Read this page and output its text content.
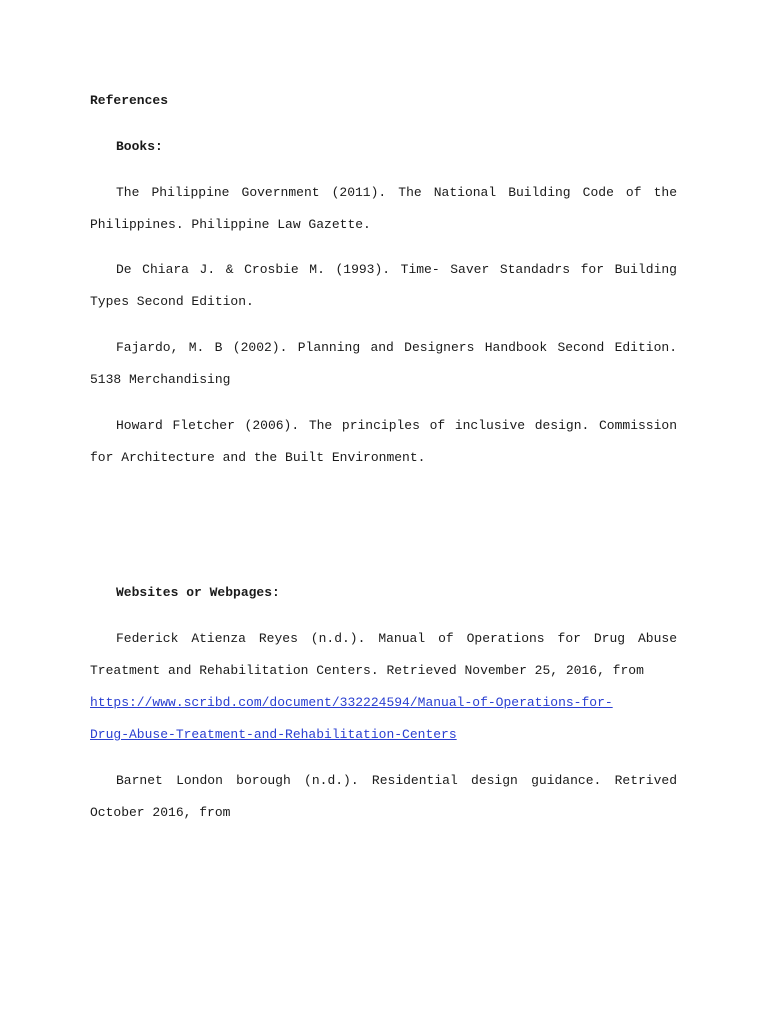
References
Books:

The Philippine Government (2011). The National Building Code of the Philippines. Philippine Law Gazette.

De Chiara J. & Crosbie M. (1993). Time- Saver Standadrs for Building Types Second Edition.

Fajardo, M. B (2002). Planning and Designers Handbook Second Edition. 5138 Merchandising

Howard Fletcher (2006). The principles of inclusive design. Commission for Architecture and the Built Environment.

Websites or Webpages:
Federick Atienza Reyes (n.d.). Manual of Operations for Drug Abuse Treatment and Rehabilitation Centers. Retrieved November 25, 2016, from
https://www.scribd.com/document/332224594/Manual-of-Operations-for-
Drug-Abuse-Treatment-and-Rehabilitation-Centers

Barnet London borough (n.d.). Residential design guidance. Retrived October 2016, from
